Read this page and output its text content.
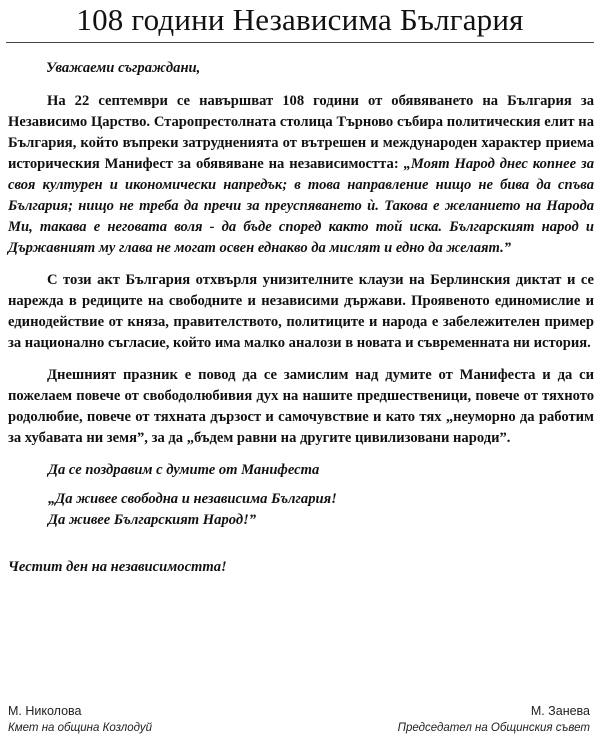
108 години Независима България

Уважаеми съграждани,

На 22 септември се навършват 108 години от обявяването на България за Независимо Царство. Старопрестолната столица Търново събира политическия елит на България, който въпреки затрудненията от вътрешен и международен характер приема историческия Манифест за обявяване на независимостта: „Моят Народ днес копнее за своя културен и икономически напредък; в това направление нищо не бива да спъва България; нищо не требa да пречи за преуспяването ѝ. Такова е желанието на Народа Ми, такава е неговата воля - да бъде според както той иска. Българският народ и Държавният му глава не могат освен еднакво да мислят и едно да желаят.”

С този акт България отхвърля унизителните клаузи на Берлинския диктат и се нарежда в редиците на свободните и независими държави. Проявеното единомислие и единодействие от княза, правителството, политиците и народа е забележителен пример за национално съгласие, който има малко аналози в новата и съвременната ни история.

Днешният празник е повод да се замислим над думите от Манифеста и да си пожелаем повече от свободолюбивия дух на нашите предшественици, повече от тяхното родолюбие, повече от тяхната дързост и самочувствие и като тях „неуморно да работим за хубавата ни земя”, за да „бъдем равни на другите цивилизовани народи”.

Да се поздравим с думите от Манифеста

„Да живее свободна и независима България!

Да живее Българският Народ!”

Честит ден на независимостта!

М. Николова
Кмет на община Козлодуй
М. Занева
Председател на Общинския съвет
